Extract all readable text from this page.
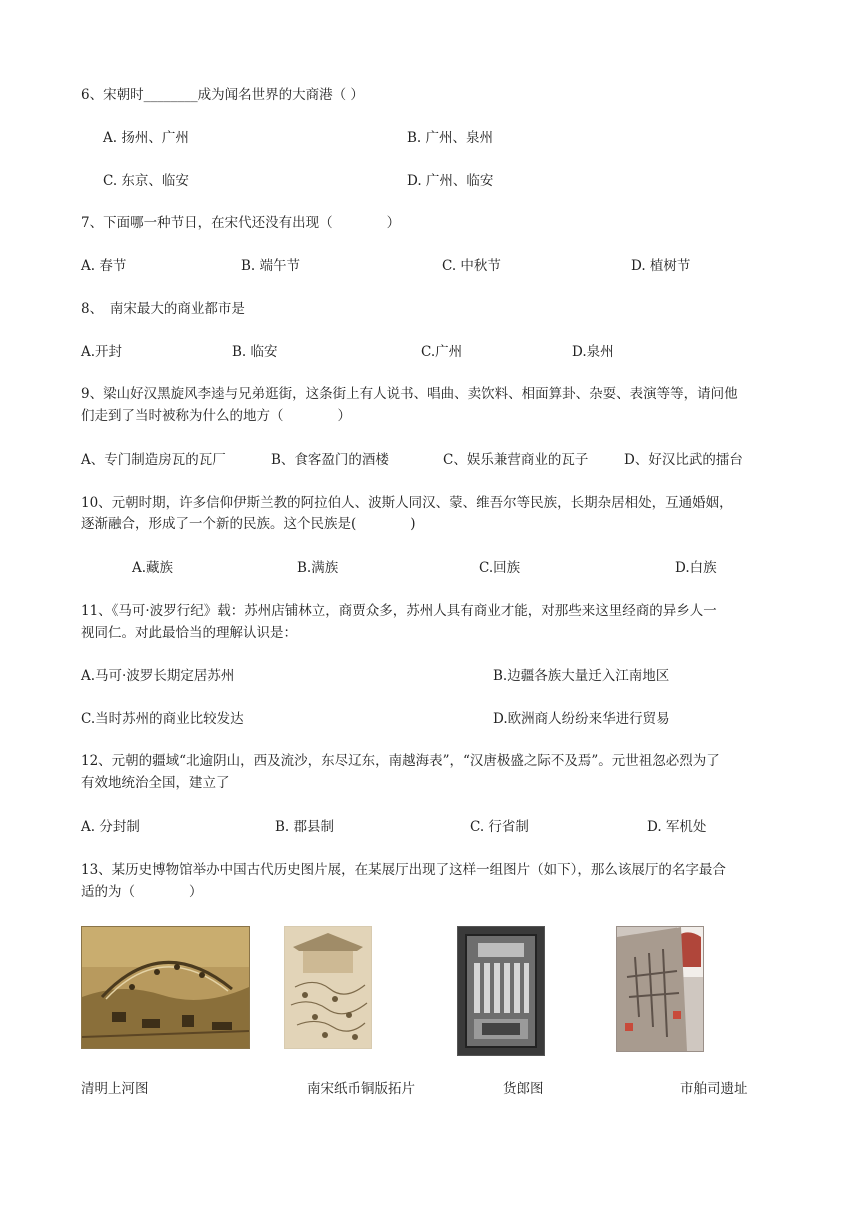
6、宋朝时________成为闻名世界的大商港（ ）
A. 扬州、广州	B. 广州、泉州
C. 东京、临安	D. 广州、临安
7、下面哪一种节日，在宋代还没有出现（　　　　）
A. 春节	B. 端午节	C. 中秋节	D. 植树节
8、　南宋最大的商业都市是
A.开封	B. 临安	C.广州	D.泉州
9、梁山好汉黑旋风李逵与兄弟逛街，这条街上有人说书、唱曲、卖饮料、相面算卦、杂耍、表演等等，请问他
们走到了当时被称为什么的地方（　　　　）
A、专门制造房瓦的瓦厂	B、食客盈门的酒楼	C、娱乐兼营商业的瓦子	D、好汉比武的擂台
10、元朝时期，许多信仰伊斯兰教的阿拉伯人、波斯人同汉、蒙、维吾尔等民族，长期杂居相处，互通婚姻，
逐渐融合，形成了一个新的民族。这个民族是(　　　　)
A.藏族	B.满族	C.回族	D.白族
11、《马可·波罗行纪》载：苏州店铺林立，商贾众多，苏州人具有商业才能，对那些来这里经商的异乡人一
视同仁。对此最恰当的理解认识是：
A.马可·波罗长期定居苏州	B.边疆各族大量迁入江南地区
C.当时苏州的商业比较发达	D.欧洲商人纷纷来华进行贸易
12、元朝的疆域“北逾阴山，西及流沙，东尽辽东，南越海表”，“汉唐极盛之际不及焉”。元世祖忽必烈为了
有效地统治全国，建立了
A. 分封制	B. 郡县制	C. 行省制	D. 军机处
13、某历史博物馆举办中国古代历史图片展，在某展厅出现了这样一组图片（如下），那么该展厅的名字最合
适的为（　　　　）
清明上河图	南宋纸币铜版拓片	货郎图	市舶司遗址
